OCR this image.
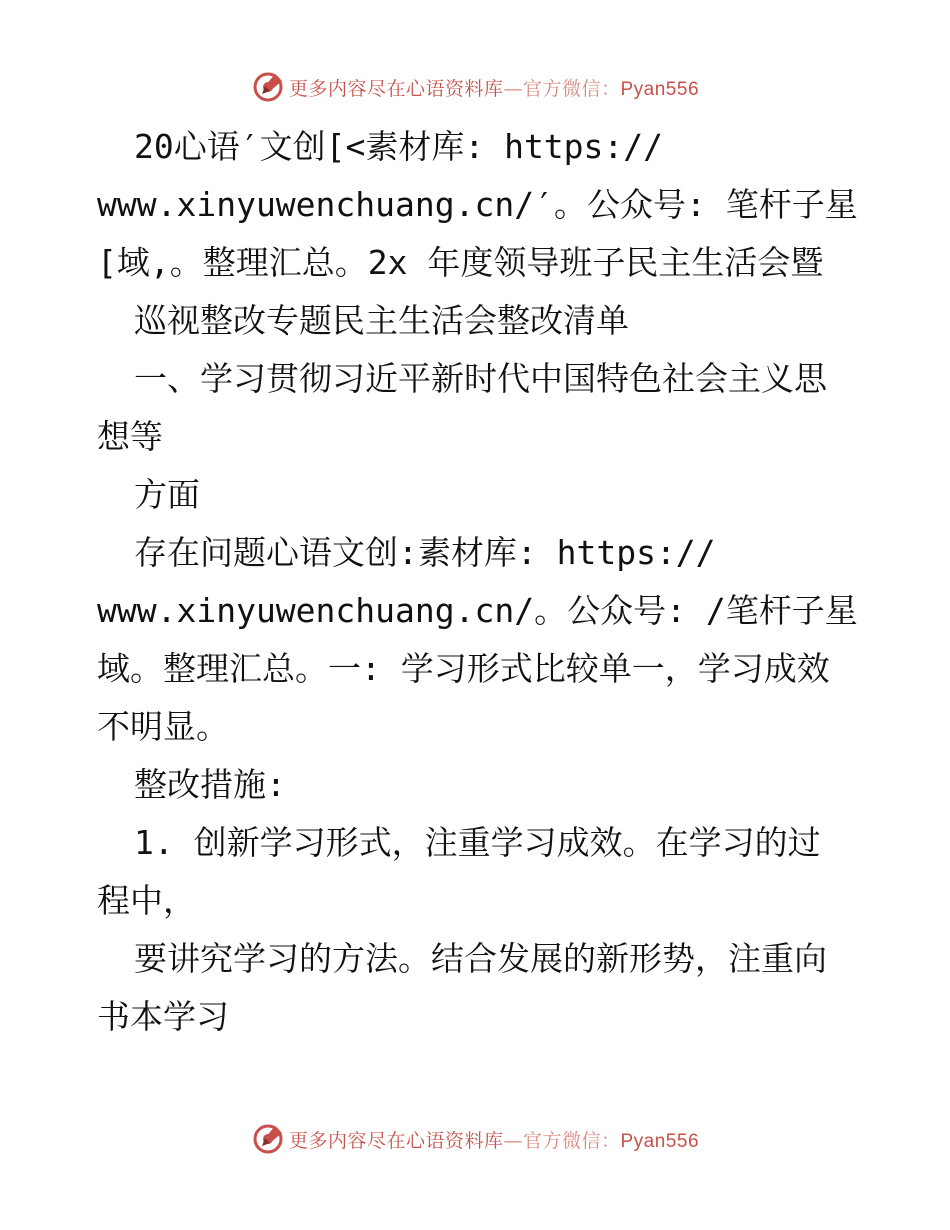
更多内容尽在心语资料库—官方微信：Pyan556
20心语′文创[<素材库: https://
www.xinyuwenchuang.cn/′。公众号: 笔杆子星
[域,。整理汇总。2x 年度领导班子民主生活会暨
巡视整改专题民主生活会整改清单
一、学习贯彻习近平新时代中国特色社会主义思
想等
方面
存在问题心语文创:素材库: https://
www.xinyuwenchuang.cn/。公众号: /笔杆子星
域。整理汇总。一: 学习形式比较单一，学习成效
不明显。
整改措施:
1. 创新学习形式，注重学习成效。在学习的过
程中，
要讲究学习的方法。结合发展的新形势，注重向
书本学习
更多内容尽在心语资料库—官方微信：Pyan556
